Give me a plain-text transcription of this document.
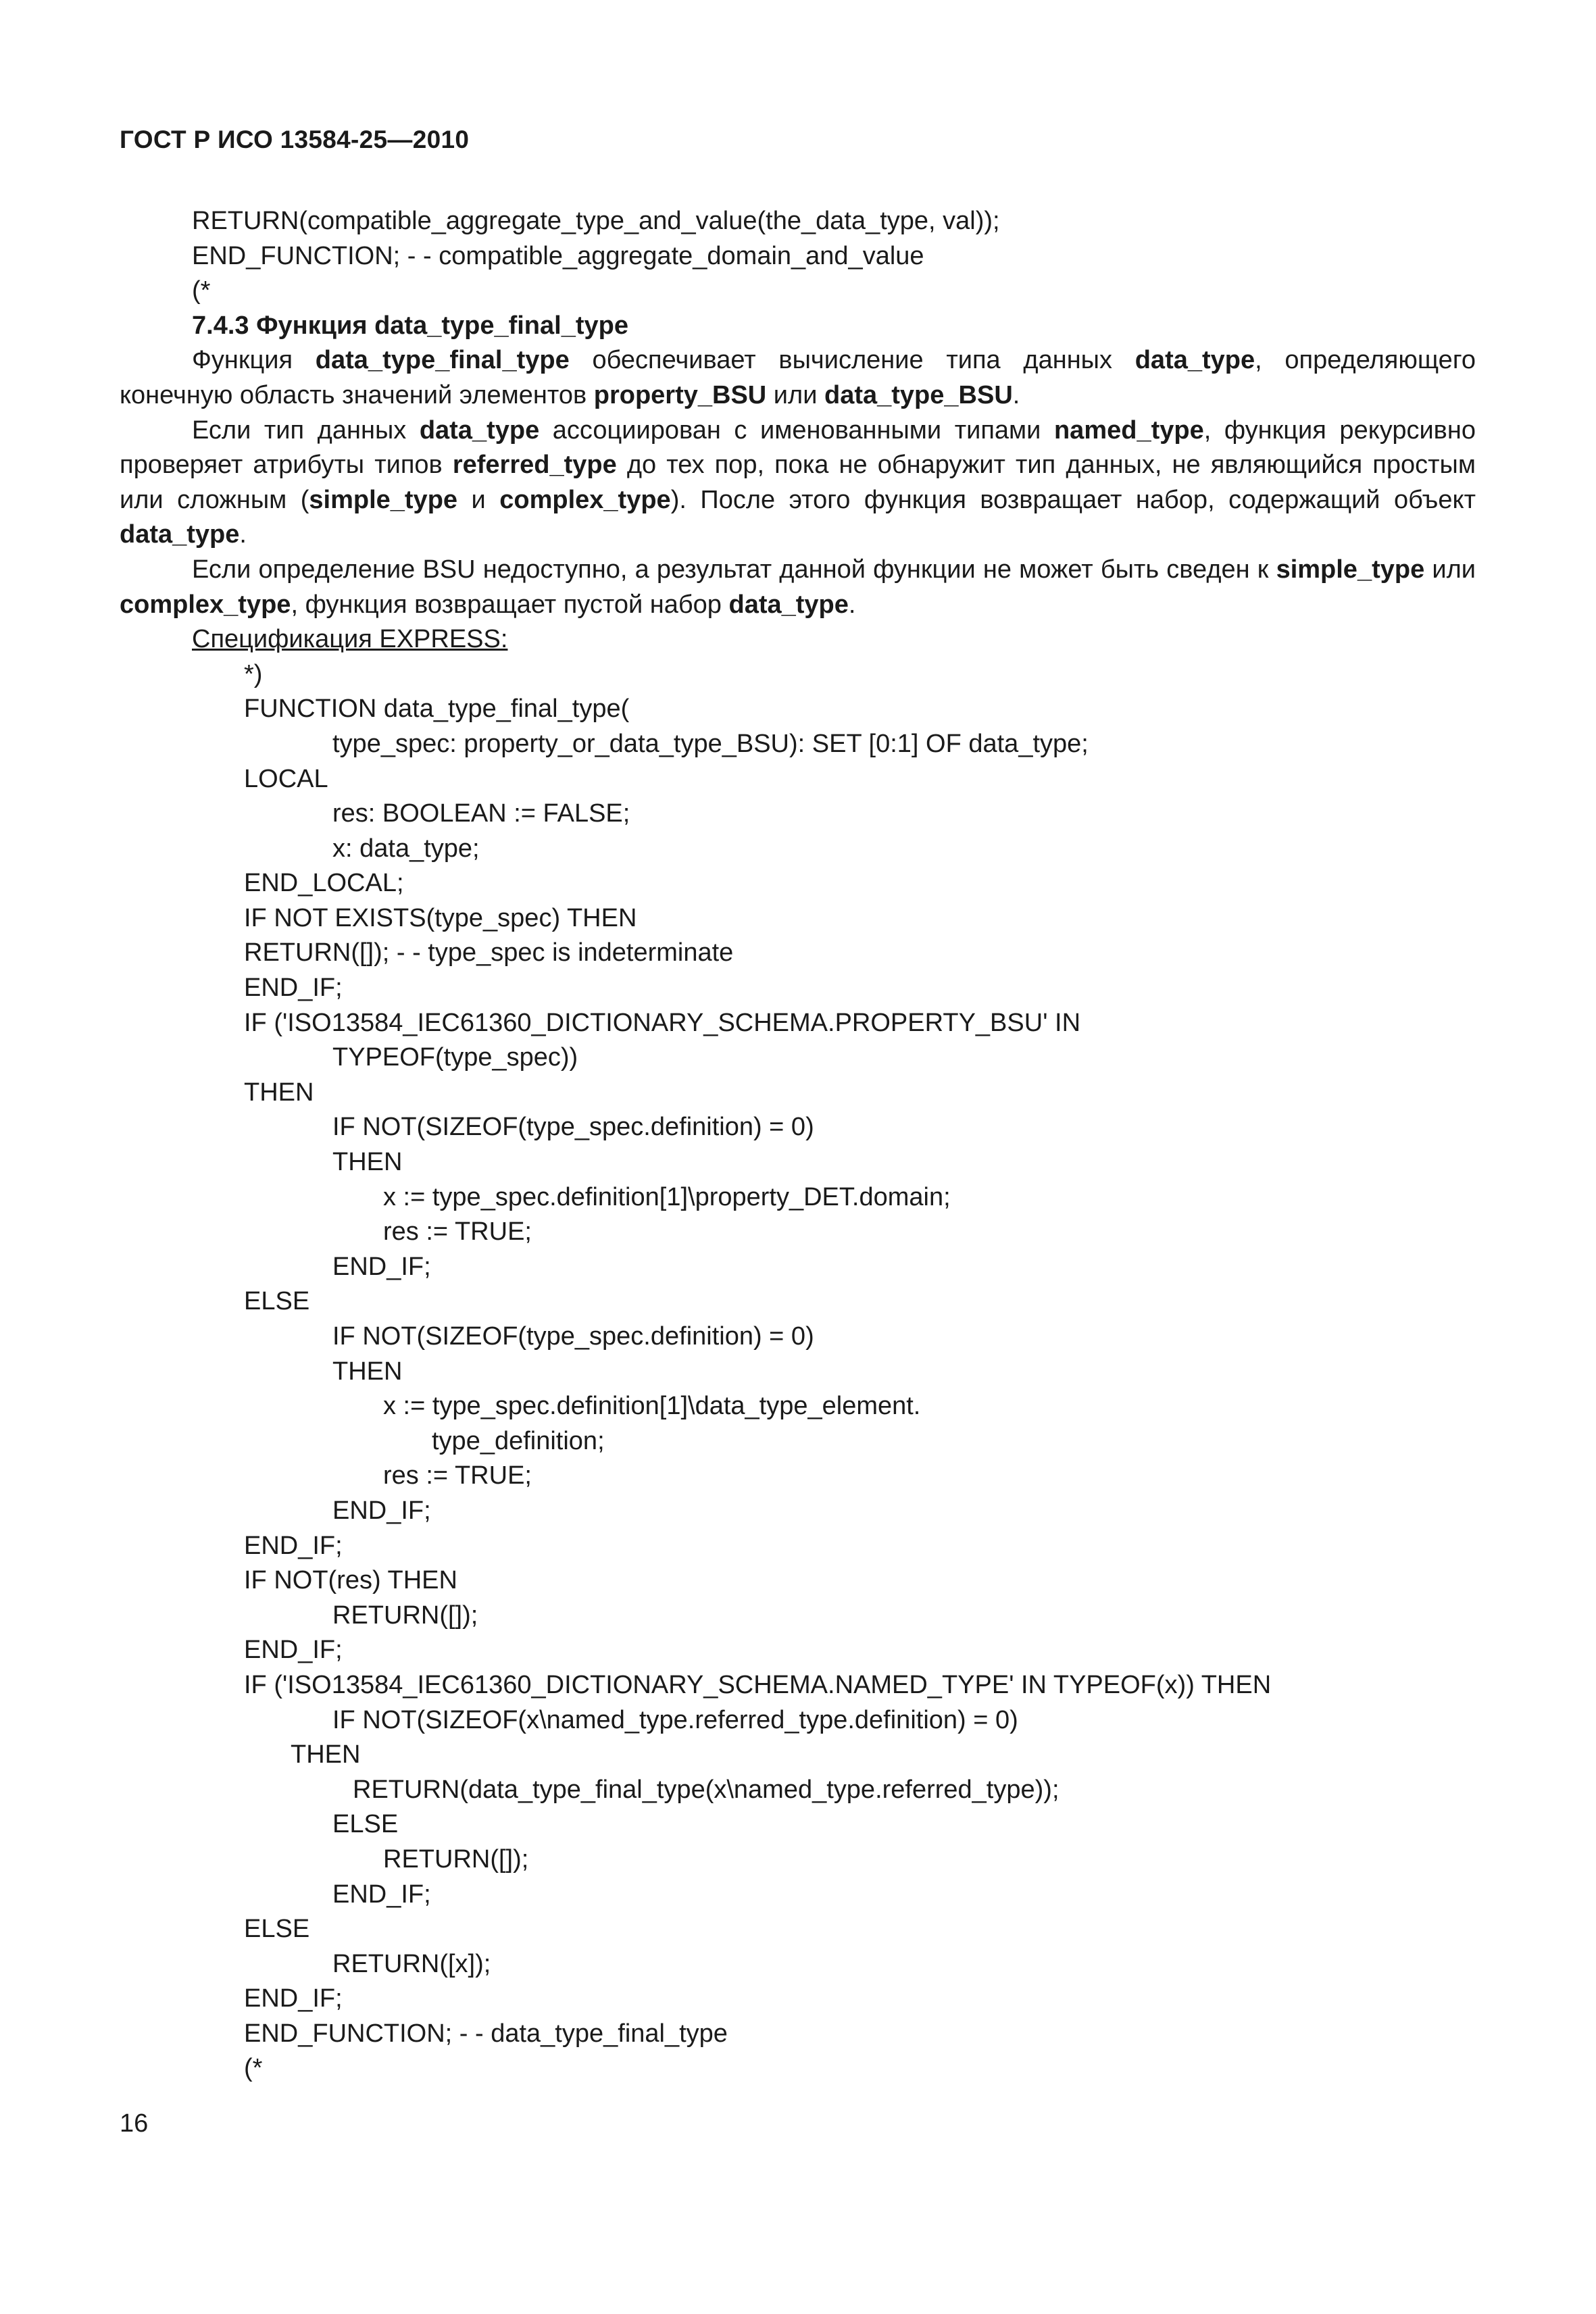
ГОСТ Р ИСО 13584-25—2010
RETURN(compatible_aggregate_type_and_value(the_data_type, val));
END_FUNCTION; - - compatible_aggregate_domain_and_value
(*
7.4.3 Функция data_type_final_type

Функция data_type_final_type обеспечивает вычисление типа данных data_type, определяющего конечную область значений элементов property_BSU или data_type_BSU.

Если тип данных data_type ассоциирован с именованными типами named_type, функция рекурсивно проверяет атрибуты типов referred_type до тех пор, пока не обнаружит тип данных, не являющийся простым или сложным (simple_type и complex_type). После этого функция возвращает набор, содержащий объект data_type.

Если определение BSU недоступно, а результат данной функции не может быть сведен к simple_type или complex_type, функция возвращает пустой набор data_type.

Спецификация EXPRESS:
*)
FUNCTION data_type_final_type(
type_spec: property_or_data_type_BSU): SET [0:1] OF data_type;
LOCAL
res: BOOLEAN := FALSE;
x: data_type;
END_LOCAL;
IF NOT EXISTS(type_spec) THEN
RETURN([]); - - type_spec is indeterminate
END_IF;
IF ('ISO13584_IEC61360_DICTIONARY_SCHEMA.PROPERTY_BSU' IN
TYPEOF(type_spec))
THEN
IF NOT(SIZEOF(type_spec.definition) = 0)
THEN
x := type_spec.definition[1]\property_DET.domain;
res := TRUE;
END_IF;
ELSE
IF NOT(SIZEOF(type_spec.definition) = 0)
THEN
x := type_spec.definition[1]\data_type_element.
type_definition;
res := TRUE;
END_IF;
END_IF;
IF NOT(res) THEN
RETURN([]);
END_IF;
IF ('ISO13584_IEC61360_DICTIONARY_SCHEMA.NAMED_TYPE' IN TYPEOF(x)) THEN
IF NOT(SIZEOF(x\named_type.referred_type.definition) = 0)
THEN
RETURN(data_type_final_type(x\named_type.referred_type));
ELSE
RETURN([]);
END_IF;
ELSE
RETURN([x]);
END_IF;
END_FUNCTION; - - data_type_final_type
(*
16
